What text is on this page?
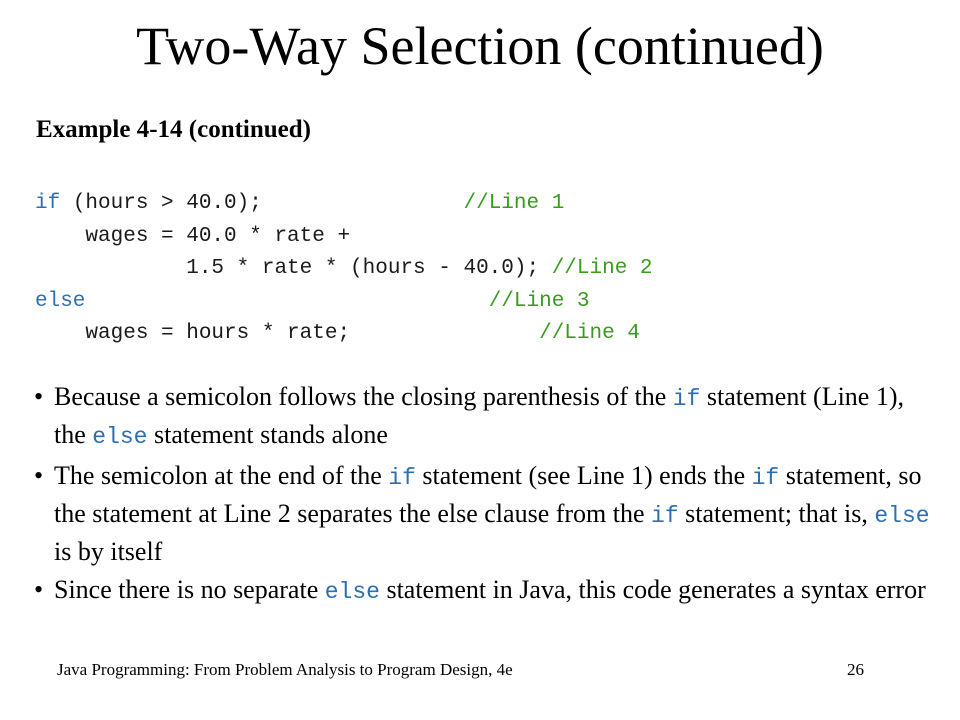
Two-Way Selection (continued)
Example 4-14 (continued)
if (hours > 40.0);                //Line 1
wages = 40.0 * rate +
1.5 * rate * (hours - 40.0); //Line 2
else	//Line 3
wages = hours * rate;               //Line 4
• Because a semicolon follows the closing parenthesis of the if statement (Line 1), the else statement stands alone
• The semicolon at the end of the if statement (see Line 1) ends the if statement, so the statement at Line 2 separates the else clause from the if statement; that is, else is by itself
• Since there is no separate else statement in Java, this code generates a syntax error
Java Programming: From Problem Analysis to Program Design, 4e	26
